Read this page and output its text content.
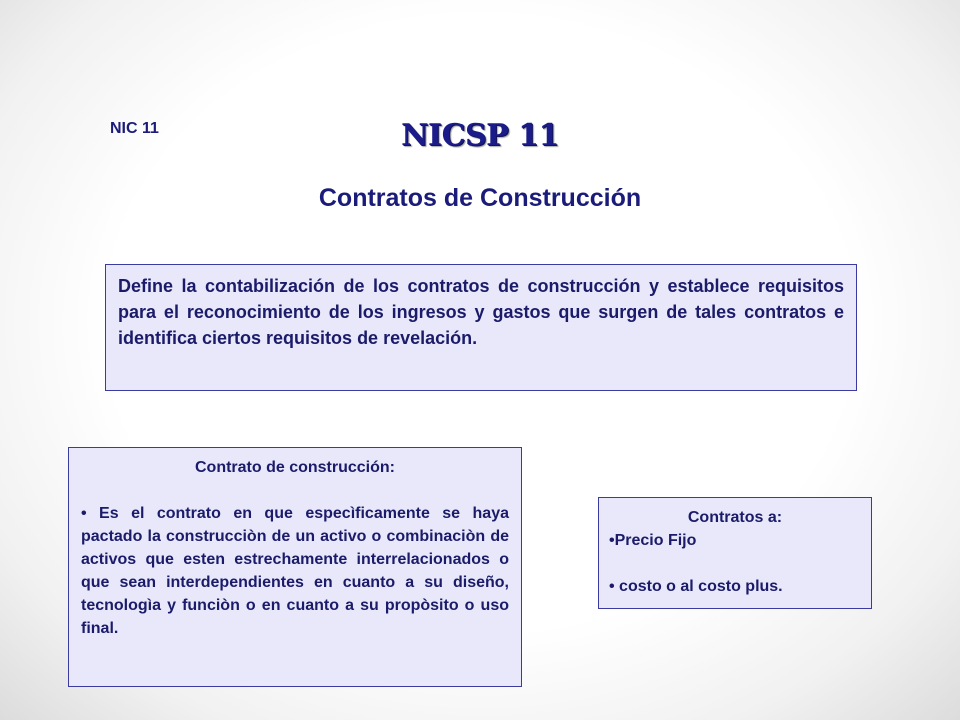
NIC 11	NICSP 11
Contratos de Construcción
Define la contabilización de los contratos de construcción y establece requisitos para el reconocimiento de los ingresos y gastos que surgen de tales contratos e identifica ciertos requisitos de revelación.
Contrato de construcción:
• Es el contrato en que especìficamente se haya pactado la construcciòn de un activo o combinaciòn de activos que esten estrechamente interrelacionados o que sean interdependientes en cuanto a su diseño, tecnologìa y funciòn o en cuanto a su propòsito o uso final.
Contratos a:
•Precio Fijo
• costo o al costo plus.
